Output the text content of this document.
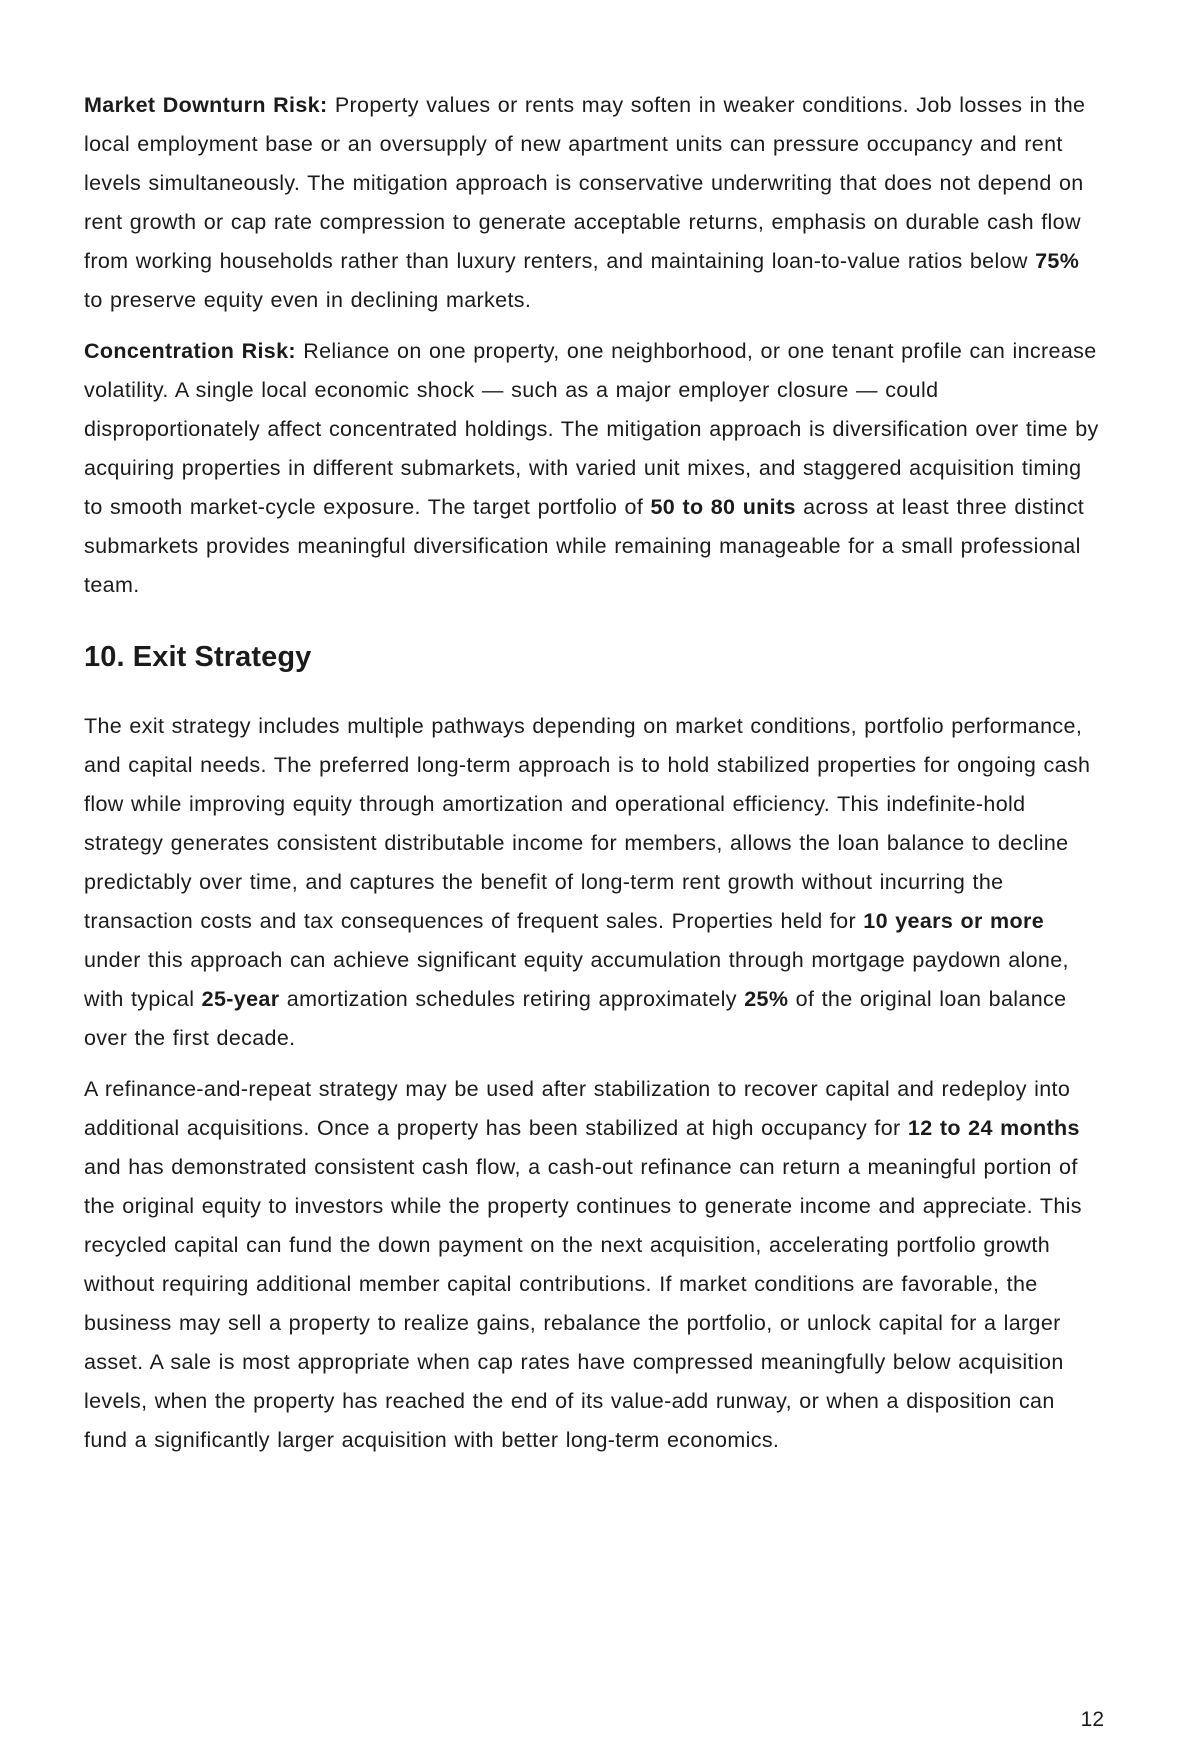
Market Downturn Risk: Property values or rents may soften in weaker conditions. Job losses in the local employment base or an oversupply of new apartment units can pressure occupancy and rent levels simultaneously. The mitigation approach is conservative underwriting that does not depend on rent growth or cap rate compression to generate acceptable returns, emphasis on durable cash flow from working households rather than luxury renters, and maintaining loan-to-value ratios below 75% to preserve equity even in declining markets.

Concentration Risk: Reliance on one property, one neighborhood, or one tenant profile can increase volatility. A single local economic shock — such as a major employer closure — could disproportionately affect concentrated holdings. The mitigation approach is diversification over time by acquiring properties in different submarkets, with varied unit mixes, and staggered acquisition timing to smooth market-cycle exposure. The target portfolio of 50 to 80 units across at least three distinct submarkets provides meaningful diversification while remaining manageable for a small professional team.

10. Exit Strategy

The exit strategy includes multiple pathways depending on market conditions, portfolio performance, and capital needs. The preferred long-term approach is to hold stabilized properties for ongoing cash flow while improving equity through amortization and operational efficiency. This indefinite-hold strategy generates consistent distributable income for members, allows the loan balance to decline predictably over time, and captures the benefit of long-term rent growth without incurring the transaction costs and tax consequences of frequent sales. Properties held for 10 years or more under this approach can achieve significant equity accumulation through mortgage paydown alone, with typical 25-year amortization schedules retiring approximately 25% of the original loan balance over the first decade.

A refinance-and-repeat strategy may be used after stabilization to recover capital and redeploy into additional acquisitions. Once a property has been stabilized at high occupancy for 12 to 24 months and has demonstrated consistent cash flow, a cash-out refinance can return a meaningful portion of the original equity to investors while the property continues to generate income and appreciate. This recycled capital can fund the down payment on the next acquisition, accelerating portfolio growth without requiring additional member capital contributions. If market conditions are favorable, the business may sell a property to realize gains, rebalance the portfolio, or unlock capital for a larger asset. A sale is most appropriate when cap rates have compressed meaningfully below acquisition levels, when the property has reached the end of its value-add runway, or when a disposition can fund a significantly larger acquisition with better long-term economics.

12
